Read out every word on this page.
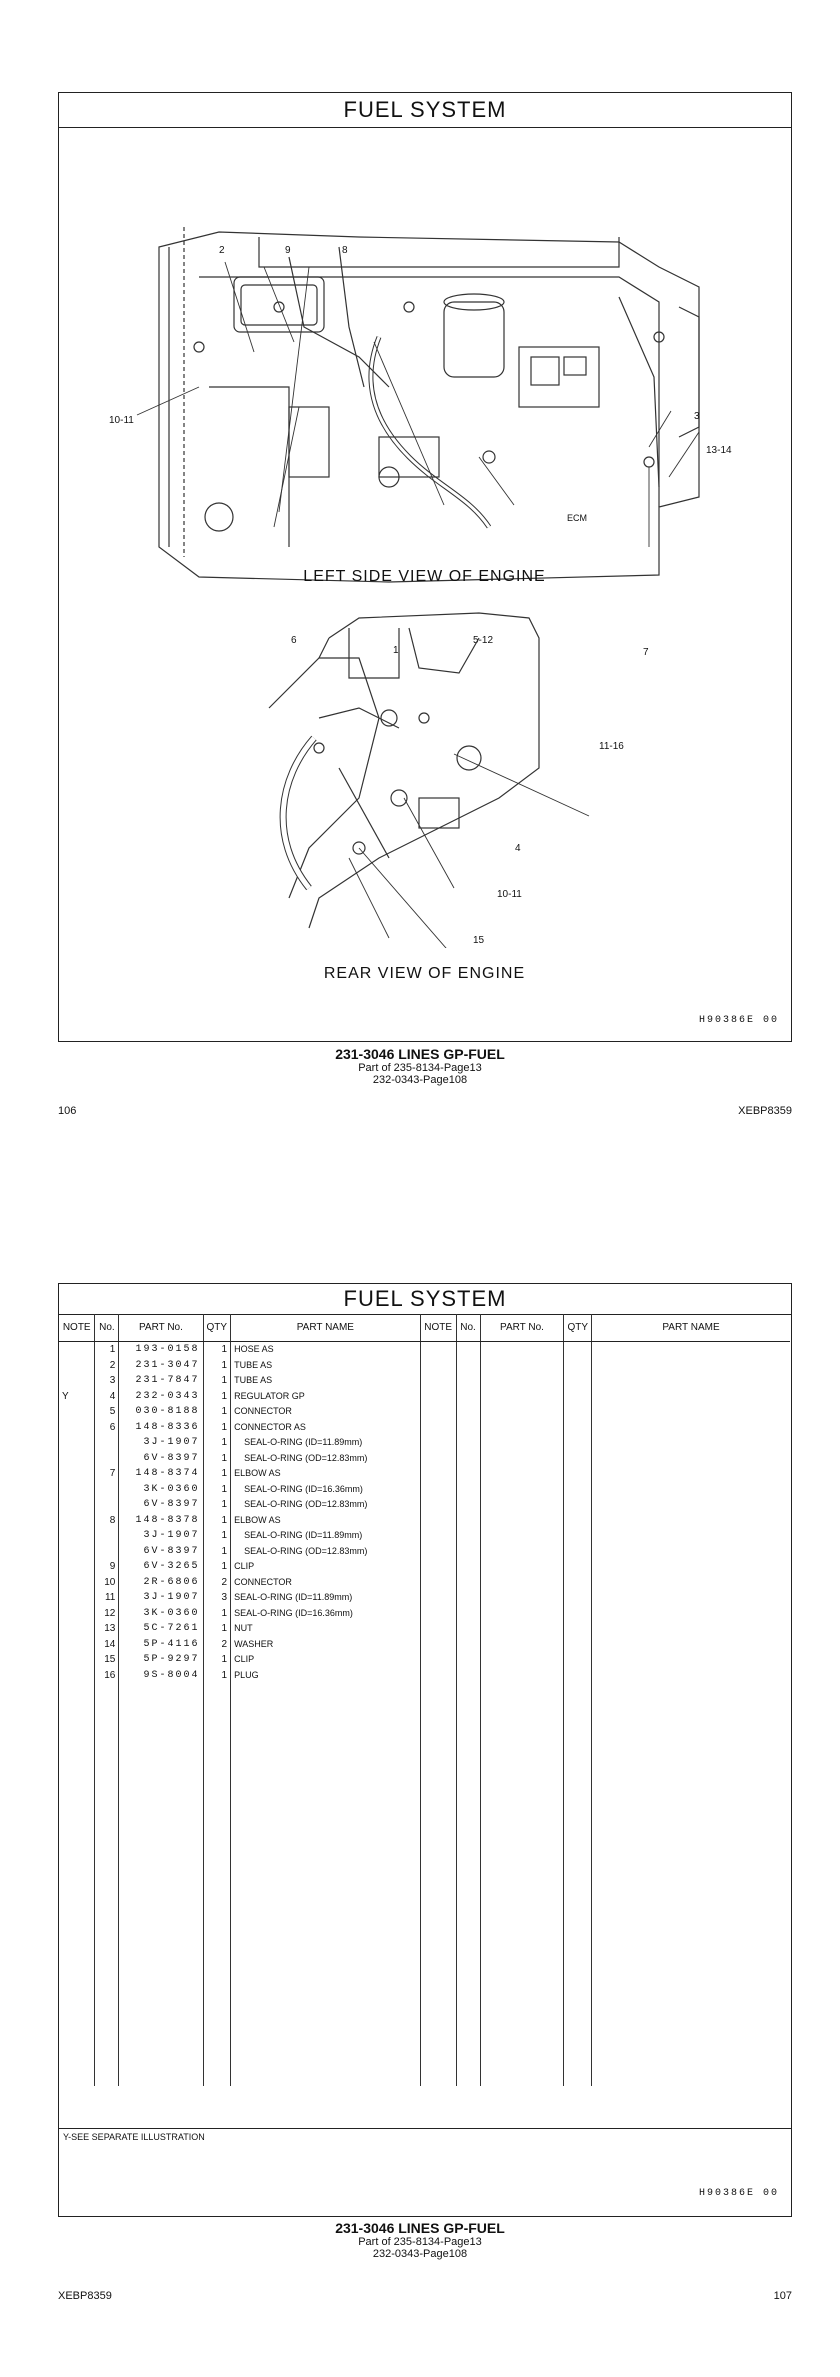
FUEL SYSTEM
2	9	8
10-11	3
13-14
6
1
5-12
7
ECM
LEFT SIDE VIEW OF ENGINE
11-16
4
10-11
15
REAR VIEW OF ENGINE
H90386E 00
231-3046 LINES GP-FUEL
Part of 235-8134-Page13
232-0343-Page108
106	XEBP8359
FUEL SYSTEM
NOTE	No.	PART No.	QTY	PART NAME	NOTE	No.	PART No.	QTY	PART NAME
	1	193-0158	1	HOSE AS					
	2	231-3047	1	TUBE AS					
	3	231-7847	1	TUBE AS					
Y	4	232-0343	1	REGULATOR GP					
	5	030-8188	1	CONNECTOR					
	6	148-8336	1	CONNECTOR AS					
		3J-1907	1	SEAL-O-RING (ID=11.89mm)					
		6V-8397	1	SEAL-O-RING (OD=12.83mm)					
	7	148-8374	1	ELBOW AS					
		3K-0360	1	SEAL-O-RING (ID=16.36mm)					
		6V-8397	1	SEAL-O-RING (OD=12.83mm)					
	8	148-8378	1	ELBOW AS					
		3J-1907	1	SEAL-O-RING (ID=11.89mm)					
		6V-8397	1	SEAL-O-RING (OD=12.83mm)					
	9	6V-3265	1	CLIP					
	10	2R-6806	2	CONNECTOR					
	11	3J-1907	3	SEAL-O-RING (ID=11.89mm)					
	12	3K-0360	1	SEAL-O-RING (ID=16.36mm)					
	13	5C-7261	1	NUT					
	14	5P-4116	2	WASHER					
	15	5P-9297	1	CLIP					
	16	9S-8004	1	PLUG					

Y-SEE SEPARATE ILLUSTRATION
H90386E 00
231-3046 LINES GP-FUEL
Part of 235-8134-Page13
232-0343-Page108
XEBP8359	107
